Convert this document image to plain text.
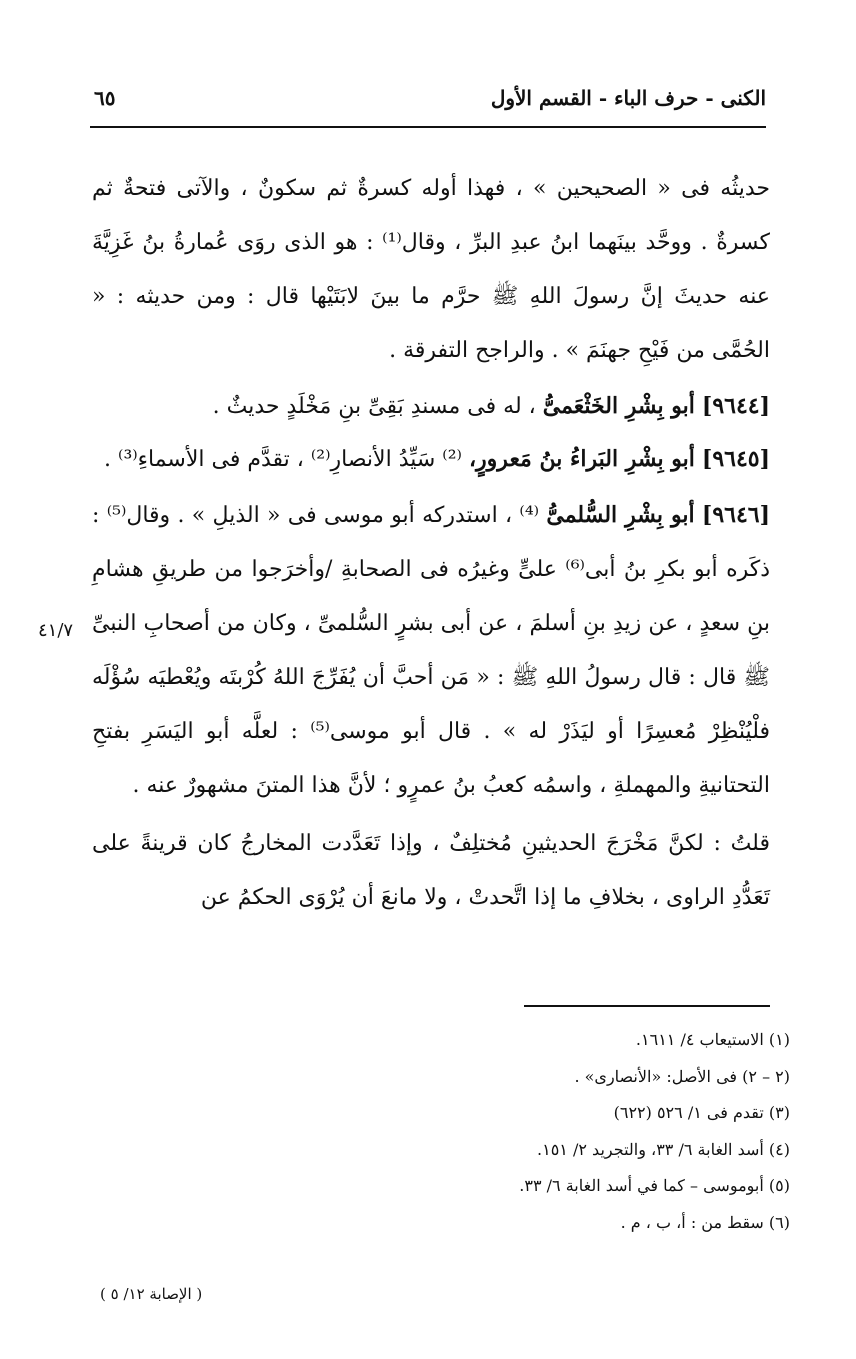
الكنى - حرف الباء - القسم الأول
٦٥

حديثُه فى « الصحيحين » ، فهذا أوله كسرةٌ ثم سكونٌ ، والآتى فتحةٌ ثم كسرةٌ . ووحَّد بينَهما ابنُ عبدِ البرِّ ، وقال⁽¹⁾ : هو الذى روَى عُمارةُ بنُ غَزِيَّةَ عنه حديثَ إنَّ رسولَ اللهِ ﷺ حرَّم ما بينَ لابَتَيْها قال : ومن حديثه : « الحُمَّى من فَيْحِ جهنَمَ » . والراجح التفرقة .

[٩٦٤٤] أبو بِشْرِ الخَثْعَمىُّ ، له فى مسندِ بَقِىِّ بنِ مَخْلَدٍ حديثٌ .

[٩٦٤٥] أبو بِشْرِ البَراءُ بنُ مَعرورٍ، ⁽²⁾ سَيِّدُ الأنصارِ⁽²⁾ ، تقدَّم فى الأسماءِ⁽³⁾ .

[٩٦٤٦] أبو بِشْرِ السُّلمىُّ ⁽⁴⁾ ، استدركه أبو موسى فى « الذيلِ » . وقال⁽⁵⁾ : ذكَره أبو بكرِ بنُ أبى⁽⁶⁾ علىٍّ وغيرُه فى الصحابةِ /وأخرَجوا من طريقِ هشامِ بنِ سعدٍ ، عن زيدِ بنِ أسلمَ ، عن أبى بشرٍ السُّلمىِّ ، وكان من أصحابِ النبىِّ ﷺ قال : قال رسولُ اللهِ ﷺ : « مَن أحبَّ أن يُفَرِّجَ اللهُ كُرْبتَه ويُعْطيَه سُؤْلَه فلْيُنْظِرْ مُعسِرًا أو ليَذَرْ له » . قال أبو موسى⁽⁵⁾ : لعلَّه أبو اليَسَرِ بفتحِ التحتانيةِ والمهملةِ ، واسمُه كعبُ بنُ عمرٍو ؛ لأنَّ هذا المتنَ مشهورٌ عنه .

قلتُ : لكنَّ مَخْرَجَ الحديثينِ مُختلِفٌ ، وإذا تَعَدَّدت المخارجُ كان قرينةً على تَعَدُّدِ الراوى ، بخلافِ ما إذا اتَّحدتْ ، ولا مانعَ أن يُرْوَى الحكمُ عن

٤١/٧
(١) الاستيعاب ٤/ ١٦١١.
(٢ – ٢) فى الأصل: «الأنصارى» .
(٣) تقدم فى ١/ ٥٢٦ (٦٢٢)
(٤) أسد الغابة ٦/ ٣٣، والتجريد ٢/ ١٥١.
(٥) أبوموسى – كما في أسد الغابة ٦/ ٣٣.
(٦) سقط من : أ، ب ، م .
( الإصابة ١٢/ ٥ )
